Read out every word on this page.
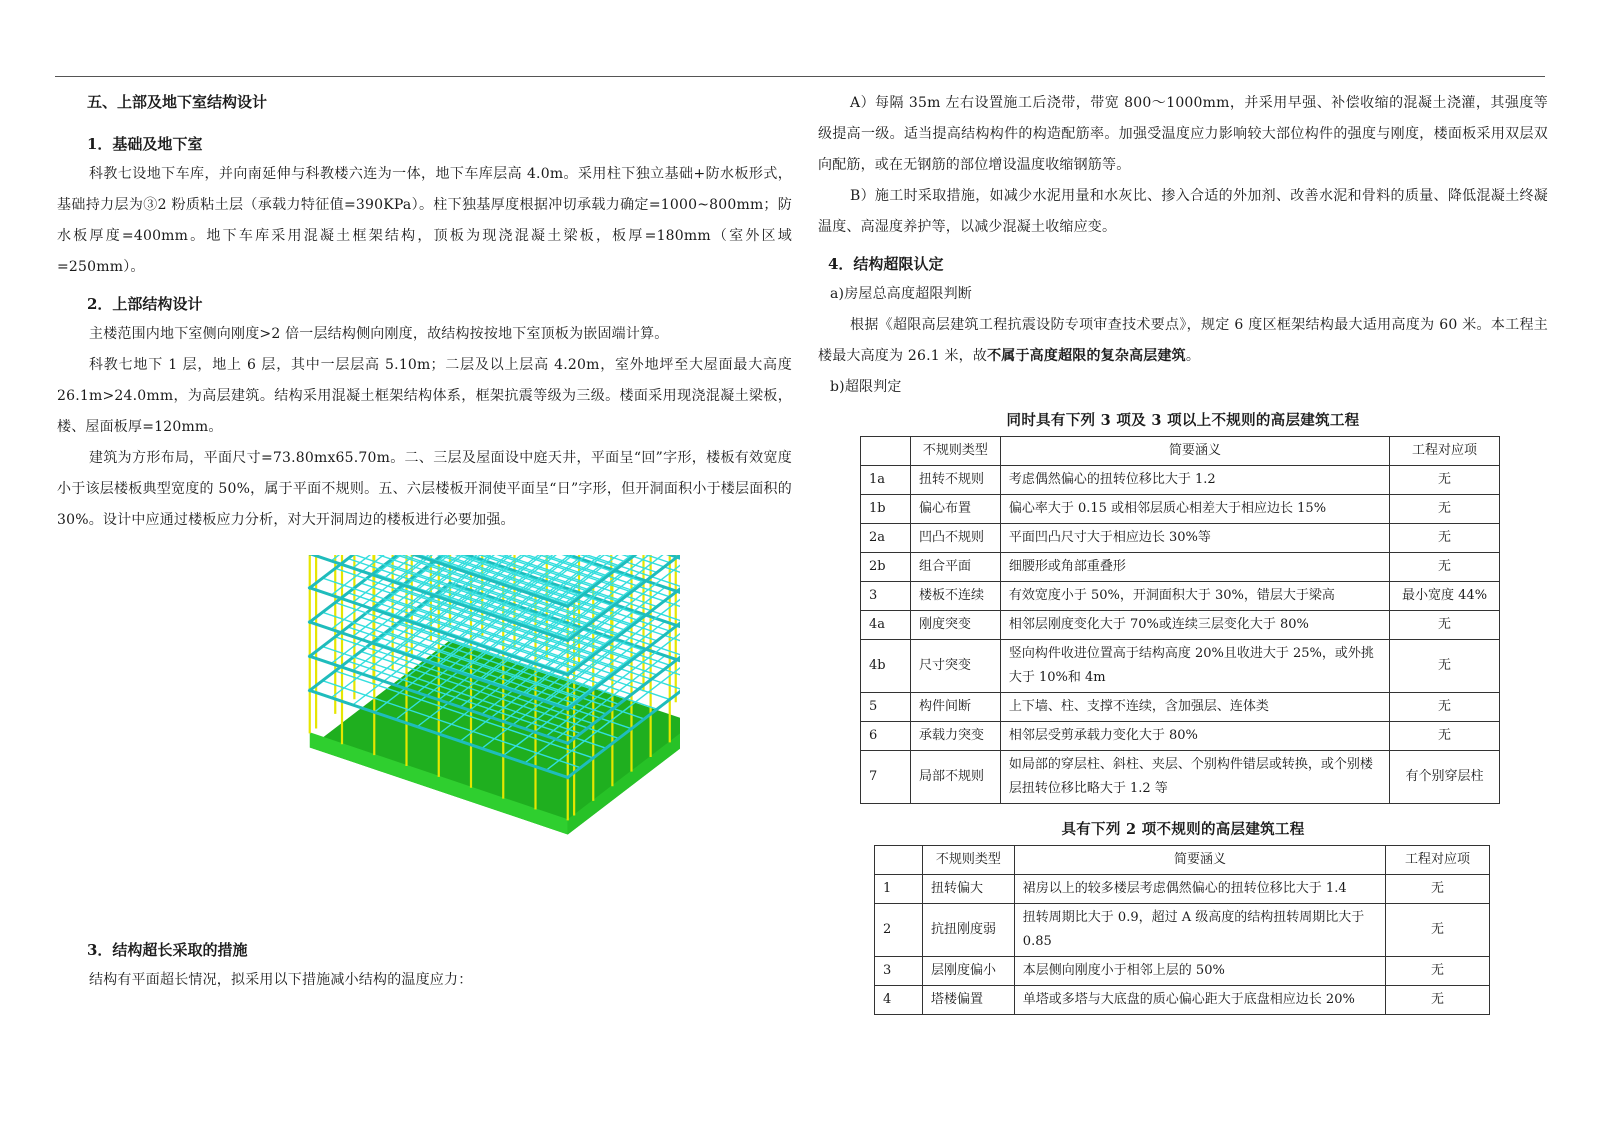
五、上部及地下室结构设计

1．基础及地下室

科教七设地下车库，并向南延伸与科教楼六连为一体，地下车库层高 4.0m。采用柱下独立基础+防水板形式，基础持力层为③2 粉质粘土层（承载力特征值=390KPa）。柱下独基厚度根据冲切承载力确定=1000~800mm；防水板厚度=400mm。地下车库采用混凝土框架结构，顶板为现浇混凝土梁板，板厚=180mm（室外区域=250mm）。

2．上部结构设计

主楼范围内地下室侧向刚度>2 倍一层结构侧向刚度，故结构按按地下室顶板为嵌固端计算。

科教七地下 1 层，地上 6 层，其中一层层高 5.10m；二层及以上层高 4.20m，室外地坪至大屋面最大高度 26.1m>24.0mm，为高层建筑。结构采用混凝土框架结构体系，框架抗震等级为三级。楼面采用现浇混凝土梁板，楼、屋面板厚=120mm。

建筑为方形布局，平面尺寸=73.80mx65.70m。二、三层及屋面设中庭天井，平面呈“回”字形，楼板有效宽度小于该层楼板典型宽度的 50%，属于平面不规则。五、六层楼板开洞使平面呈“日”字形，但开洞面积小于楼层面积的 30%。设计中应通过楼板应力分析，对大开洞周边的楼板进行必要加强。

3．结构超长采取的措施

结构有平面超长情况，拟采用以下措施减小结构的温度应力：

A）每隔 35m 左右设置施工后浇带，带宽 800～1000mm，并采用早强、补偿收缩的混凝土浇灌，其强度等级提高一级。适当提高结构构件的构造配筋率。加强受温度应力影响较大部位构件的强度与刚度，楼面板采用双层双向配筋，或在无钢筋的部位增设温度收缩钢筋等。

B）施工时采取措施，如减少水泥用量和水灰比、掺入合适的外加剂、改善水泥和骨料的质量、降低混凝土终凝温度、高湿度养护等，以减少混凝土收缩应变。

4．结构超限认定

a)房屋总高度超限判断

根据《超限高层建筑工程抗震设防专项审查技术要点》，规定 6 度区框架结构最大适用高度为 60 米。本工程主楼最大高度为 26.1 米，故不属于高度超限的复杂高层建筑。

b)超限判定

同时具有下列 3 项及 3 项以上不规则的高层建筑工程
	不规则类型	简要涵义	工程对应项
1a	扭转不规则	考虑偶然偏心的扭转位移比大于 1.2	无
1b	偏心布置	偏心率大于 0.15 或相邻层质心相差大于相应边长 15%	无
2a	凹凸不规则	平面凹凸尺寸大于相应边长 30%等	无
2b	组合平面	细腰形或角部重叠形	无
3	楼板不连续	有效宽度小于 50%，开洞面积大于 30%，错层大于梁高	最小宽度 44%
4a	刚度突变	相邻层刚度变化大于 70%或连续三层变化大于 80%	无
4b	尺寸突变	竖向构件收进位置高于结构高度 20%且收进大于 25%，或外挑大于 10%和 4m	无
5	构件间断	上下墙、柱、支撑不连续，含加强层、连体类	无
6	承载力突变	相邻层受剪承载力变化大于 80%	无
7	局部不规则	如局部的穿层柱、斜柱、夹层、个别构件错层或转换，或个别楼层扭转位移比略大于 1.2 等	有个别穿层柱
具有下列 2 项不规则的高层建筑工程
	不规则类型	简要涵义	工程对应项
1	扭转偏大	裙房以上的较多楼层考虑偶然偏心的扭转位移比大于 1.4	无
2	抗扭刚度弱	扭转周期比大于 0.9，超过 A 级高度的结构扭转周期比大于 0.85	无
3	层刚度偏小	本层侧向刚度小于相邻上层的 50%	无
4	塔楼偏置	单塔或多塔与大底盘的质心偏心距大于底盘相应边长 20%	无
